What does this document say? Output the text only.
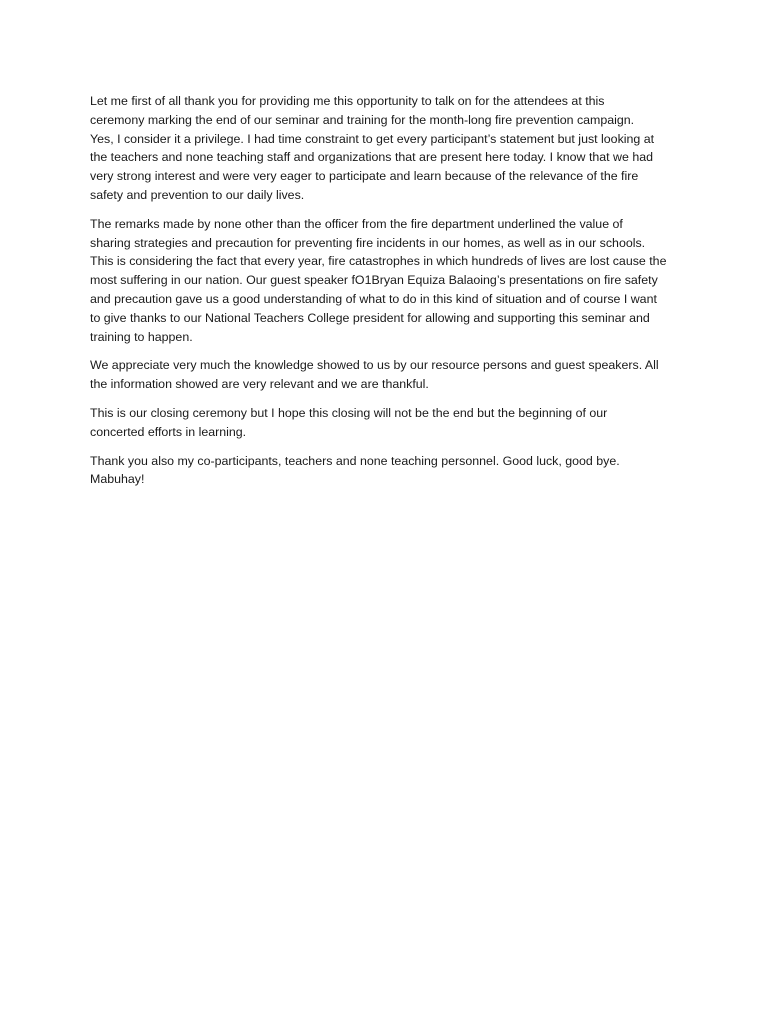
Let me first of all thank you for providing me this opportunity to talk on for the attendees at this
ceremony marking the end of our seminar and training for the month-long fire prevention campaign.
Yes, I consider it a privilege. I had time constraint to get every participant’s statement but just looking at
the teachers and none teaching staff and organizations that are present here today. I know that we had
very strong interest and were very eager to participate and learn because of the relevance of the fire
safety and prevention to our daily lives.

The remarks made by none other than the officer from the fire department underlined the value of
sharing strategies and precaution for preventing fire incidents in our homes, as well as in our schools.
This is considering the fact that every year, fire catastrophes in which hundreds of lives are lost cause the
most suffering in our nation. Our guest speaker fO1Bryan Equiza Balaoing’s presentations on fire safety
and precaution gave us a good understanding of what to do in this kind of situation and of course I want
to give thanks to our National Teachers College president for allowing and supporting this seminar and
training to happen.

We appreciate very much the knowledge showed to us by our resource persons and guest speakers. All
the information showed are very relevant and we are thankful.

This is our closing ceremony but I hope this closing will not be the end but the beginning of our
concerted efforts in learning.

Thank you also my co-participants, teachers and none teaching personnel. Good luck, good bye.
Mabuhay!
